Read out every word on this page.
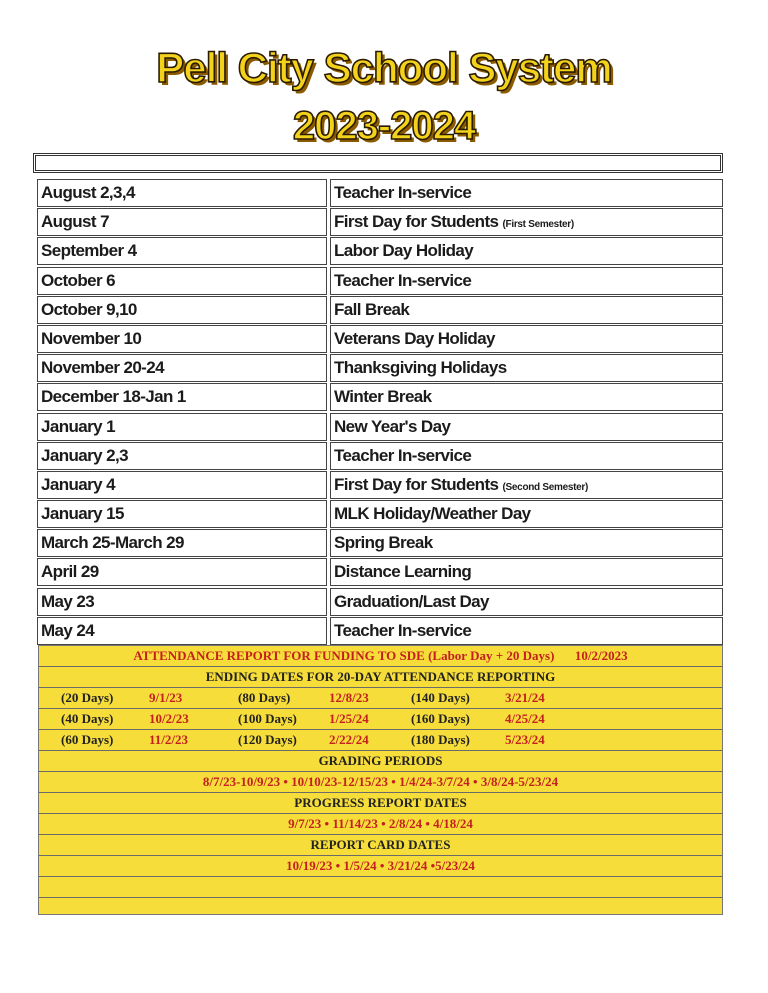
Pell City School System
2023-2024
August 2,3,4	Teacher In-service
August 7	First Day for Students (First Semester)
September 4	Labor Day Holiday
October 6	Teacher In-service
October 9,10	Fall Break
November 10	Veterans Day Holiday
November 20-24	Thanksgiving Holidays
December 18-Jan 1	Winter Break
January 1	New Year's Day
January 2,3	Teacher In-service
January 4	First Day for Students (Second Semester)
January 15	MLK Holiday/Weather Day
March 25-March 29	Spring Break
April 29	Distance Learning
May 23	Graduation/Last Day
May 24	Teacher In-service
ATTENDANCE REPORT FOR FUNDING TO SDE (Labor Day + 20 Days) 10/2/2023
ENDING DATES FOR 20-DAY ATTENDANCE REPORTING
(20 Days)	9/1/23	(80 Days)	12/8/23	(140 Days)	3/21/24
(40 Days)	10/2/23	(100 Days) 1/25/24	(160 Days)	4/25/24
(60 Days)	11/2/23	(120 Days) 2/22/24	(180 Days)	5/23/24
GRADING PERIODS
8/7/23-10/9/23 • 10/10/23-12/15/23 • 1/4/24-3/7/24 • 3/8/24-5/23/24
PROGRESS REPORT DATES
9/7/23 • 11/14/23 • 2/8/24 • 4/18/24
REPORT CARD DATES
10/19/23 • 1/5/24 • 3/21/24 •5/23/24
